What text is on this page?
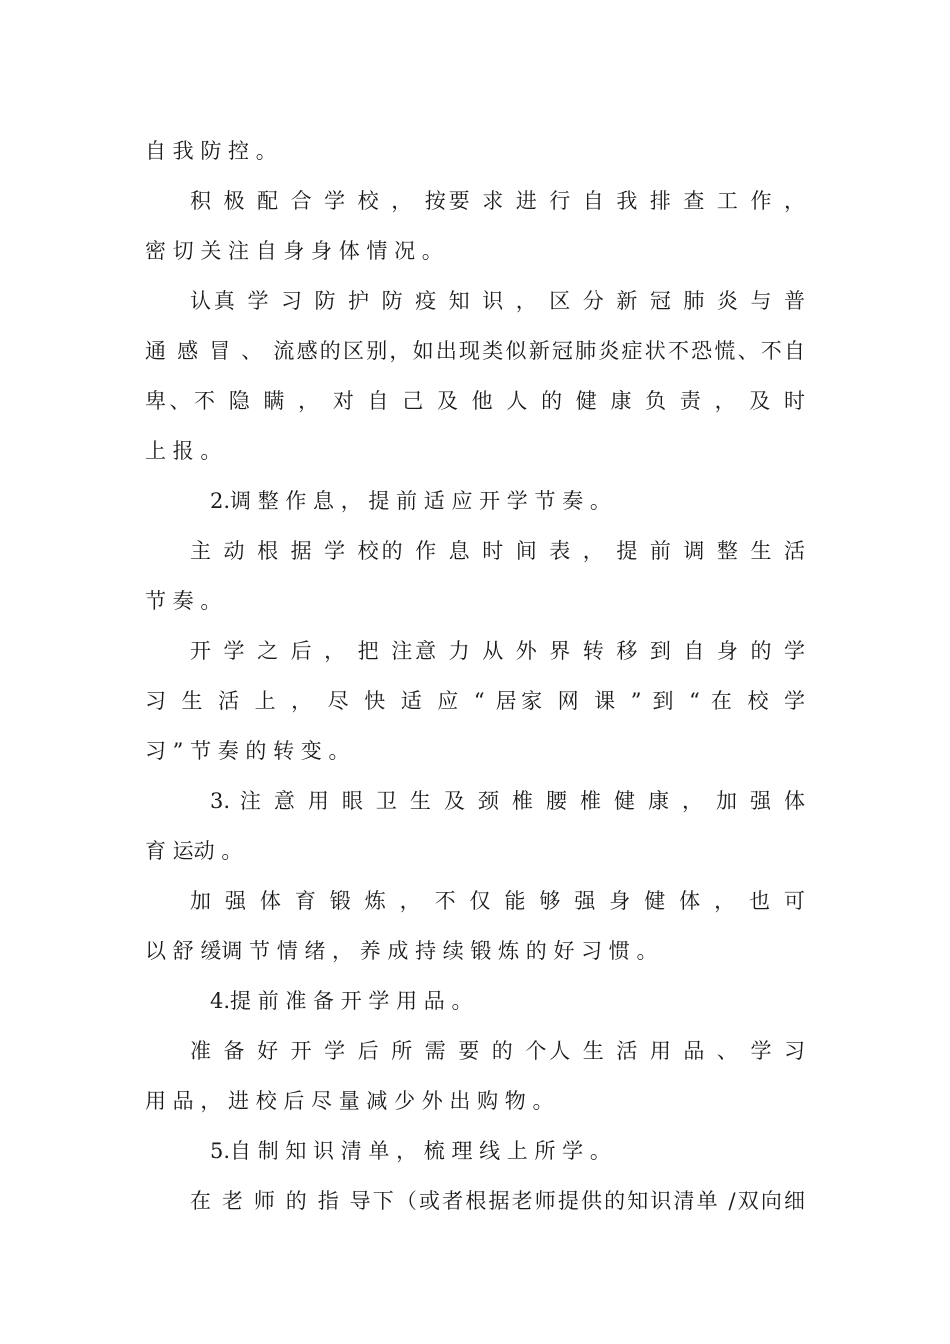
自 我 防 控 。
积 极 配 合 学 校 ， 按要 求 进 行 自 我 排 查 工 作 ，
密 切 关 注 自 身 身 体 情 况 。
认真 学 习 防 护 防 疫 知 识 ， 区 分 新 冠 肺 炎 与 普
通 感 冒 、 流感的区别，如出现类似新冠肺炎症状不恐慌、不自
卑、不 隐 瞒 ， 对 自 己 及 他 人 的 健 康 负 责 ， 及 时
上 报 。
2.调 整 作 息 ， 提 前 适 应 开 学 节 奏 。
主 动 根 据 学 校的 作 息 时 间 表 ， 提 前 调 整 生 活
节 奏 。
开 学 之 后 ， 把 注意 力 从 外 界 转 移 到 自 身 的 学
习 生 活 上 ， 尽 快 适 应 “ 居家 网 课 ” 到 “ 在 校 学
习 ” 节 奏 的 转 变 。
3. 注 意 用 眼 卫 生 及 颈 椎 腰 椎 健 康 ， 加 强 体
育 运动 。
加 强 体 育 锻 炼 ， 不 仅 能 够 强 身 健 体 ， 也 可
以 舒 缓调 节 情 绪 ， 养 成 持 续 锻 炼 的 好 习 惯 。
4.提 前 准 备 开 学 用 品 。
准 备 好 开 学 后 所 需 要 的 个人 生 活 用 品 、 学 习
用 品 ， 进 校 后 尽 量 减 少 外 出 购 物 。
5.自 制 知 识 清 单 ， 梳 理 线 上 所 学 。
在 老 师 的 指 导下（或者根据老师提供的知识清单 /双向细
